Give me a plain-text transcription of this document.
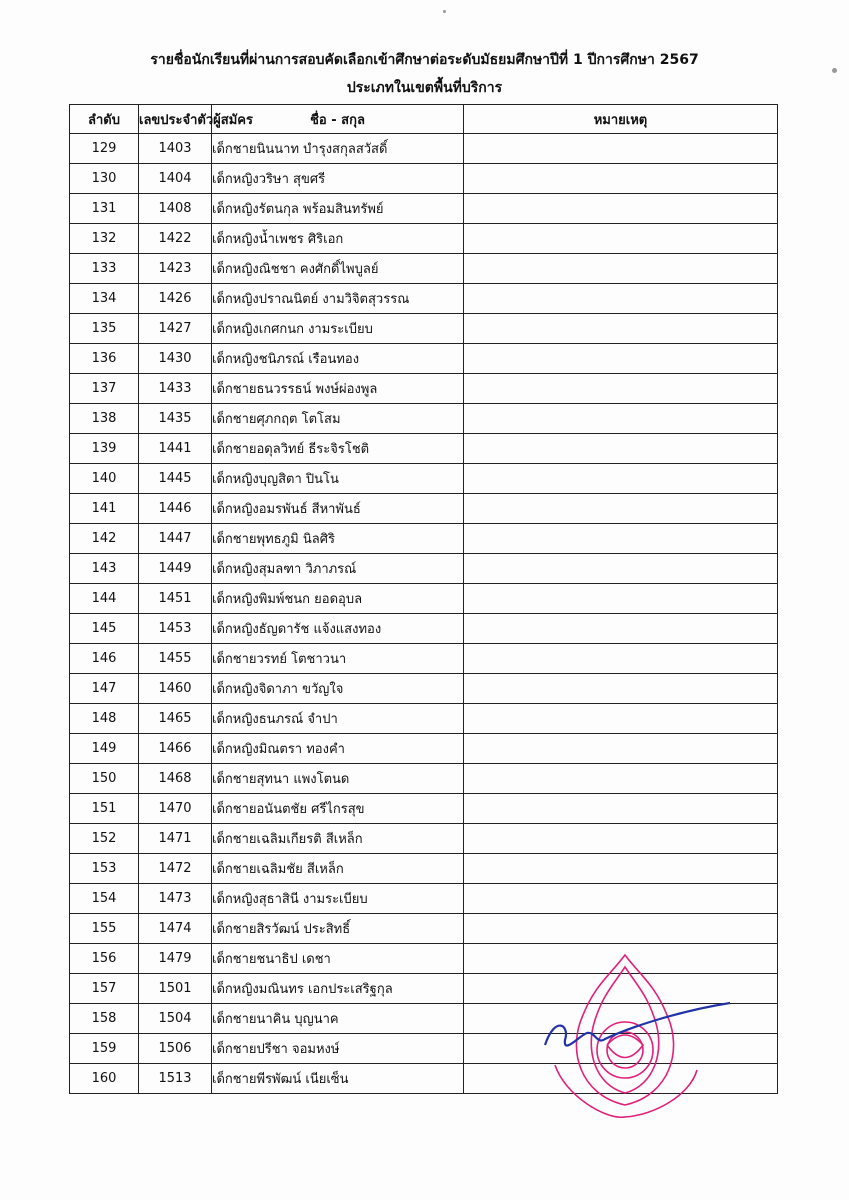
รายชื่อนักเรียนที่ผ่านการสอบคัดเลือกเข้าศึกษาต่อระดับมัธยมศึกษาปีที่ 1 ปีการศึกษา 2567
ประเภทในเขตพื้นที่บริการ
ลำดับ	เลขประจำตัวผู้สมัคร	ชื่อ - สกุล	หมายเหตุ
129	1403	เด็กชายนินนาท บำรุงสกุลสวัสดิ์	
130	1404	เด็กหญิงวริษา สุขศรี	
131	1408	เด็กหญิงรัตนกุล พร้อมสินทรัพย์	
132	1422	เด็กหญิงน้ำเพชร ศิริเอก	
133	1423	เด็กหญิงณิชชา คงศักดิ์ไพบูลย์	
134	1426	เด็กหญิงปราณนิตย์ งามวิจิตสุวรรณ	
135	1427	เด็กหญิงเกศกนก งามระเบียบ	
136	1430	เด็กหญิงชนิภรณ์ เรือนทอง	
137	1433	เด็กชายธนวรรธน์ พงษ์ผ่องพูล	
138	1435	เด็กชายศุภกฤต โตโสม	
139	1441	เด็กชายอดุลวิทย์ ธีระจิรโชติ	
140	1445	เด็กหญิงบุญสิตา ปินโน	
141	1446	เด็กหญิงอมรพันธ์ สีหาพันธ์	
142	1447	เด็กชายพุทธภูมิ นิลศิริ	
143	1449	เด็กหญิงสุมลฑา วิภาภรณ์	
144	1451	เด็กหญิงพิมพ์ชนก ยอดอุบล	
145	1453	เด็กหญิงธัญดารัช แจ้งแสงทอง	
146	1455	เด็กชายวรทย์ โตชาวนา	
147	1460	เด็กหญิงจิดาภา ขวัญใจ	
148	1465	เด็กหญิงธนภรณ์ จำปา	
149	1466	เด็กหญิงมิณตรา ทองคำ	
150	1468	เด็กชายสุทนา แพงโตนด	
151	1470	เด็กชายอนันตชัย ศรีไกรสุข	
152	1471	เด็กชายเฉลิมเกียรติ สีเหล็ก	
153	1472	เด็กชายเฉลิมชัย สีเหล็ก	
154	1473	เด็กหญิงสุธาสินี งามระเบียบ	
155	1474	เด็กชายสิรวัฒน์ ประสิทธิ์	
156	1479	เด็กชายชนาธิป เดชา	
157	1501	เด็กหญิงมณินทร เอกประเสริฐกุล	
158	1504	เด็กชายนาคิน บุญนาค	
159	1506	เด็กชายปรีชา จอมหงษ์	
160	1513	เด็กชายพีรพัฒน์ เนียเซ็น	
